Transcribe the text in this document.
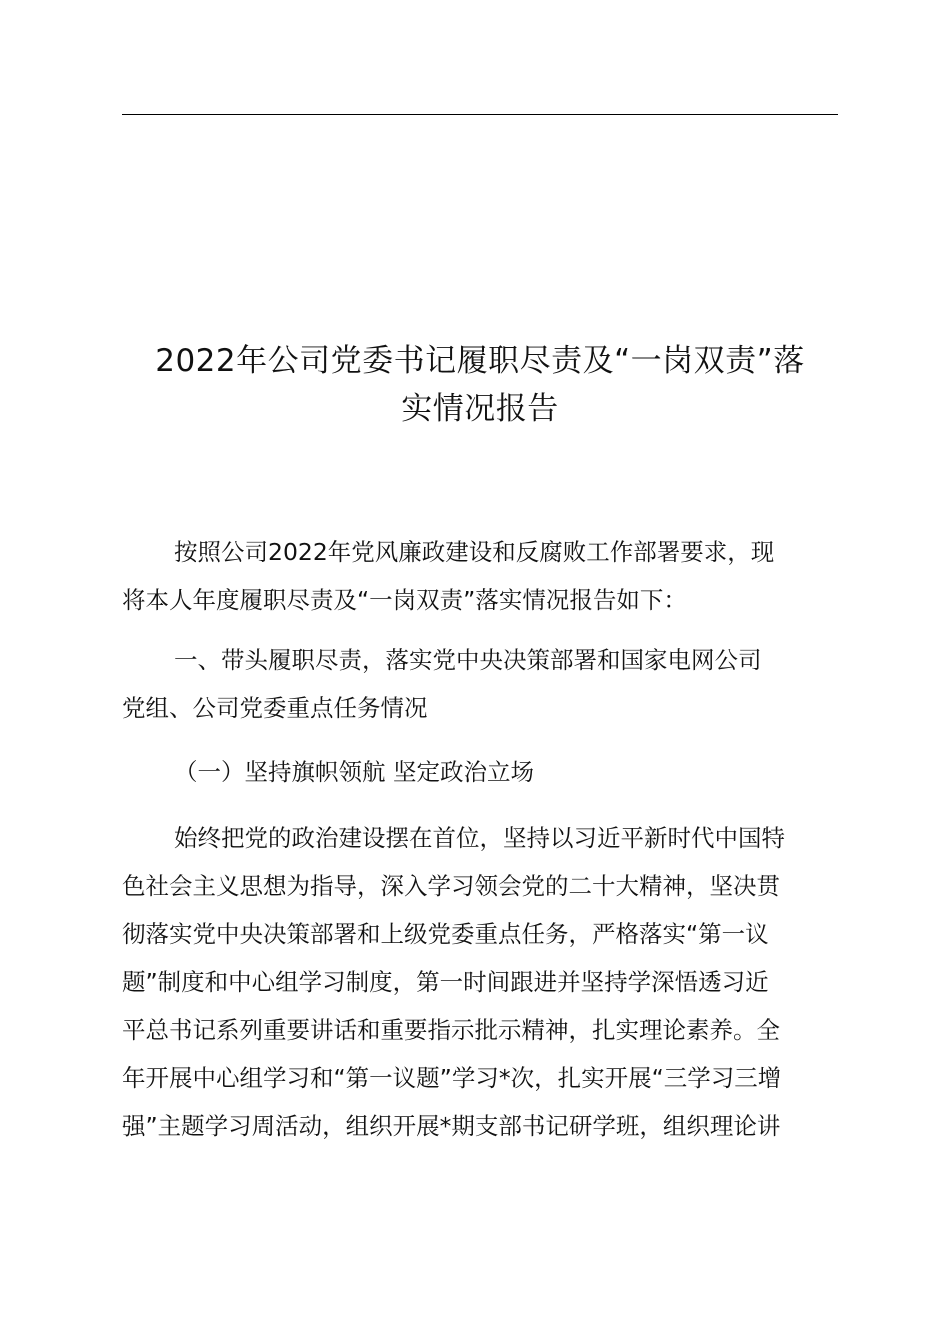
2022年公司党委书记履职尽责及“一岗双责”落
实情况报告

按照公司2022年党风廉政建设和反腐败工作部署要求，现
将本人年度履职尽责及“一岗双责”落实情况报告如下：

一、带头履职尽责，落实党中央决策部署和国家电网公司
党组、公司党委重点任务情况

（一）坚持旗帜领航 坚定政治立场

始终把党的政治建设摆在首位，坚持以习近平新时代中国特
色社会主义思想为指导，深入学习领会党的二十大精神，坚决贯
彻落实党中央决策部署和上级党委重点任务，严格落实“第一议
题”制度和中心组学习制度，第一时间跟进并坚持学深悟透习近
平总书记系列重要讲话和重要指示批示精神，扎实理论素养。全
年开展中心组学习和“第一议题”学习*次，扎实开展“三学习三增
强”主题学习周活动，组织开展*期支部书记研学班，组织理论讲
